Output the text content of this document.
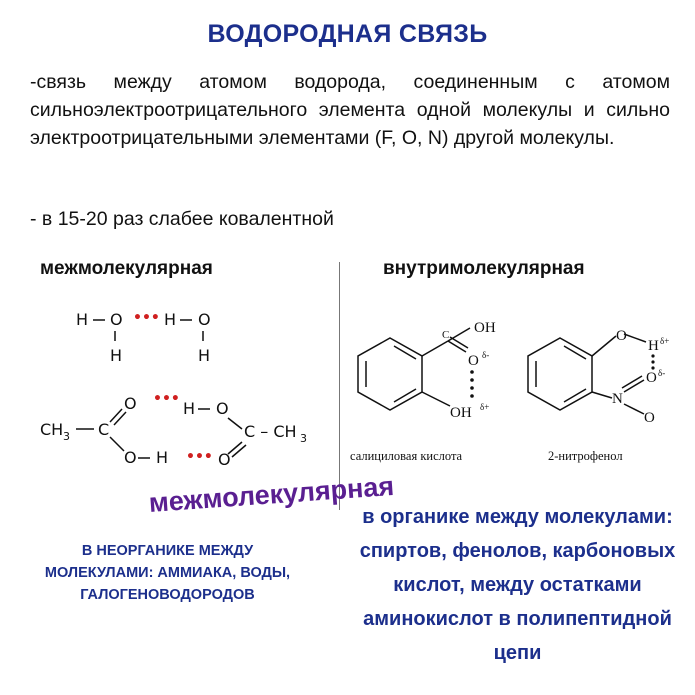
ВОДОРОДНАЯ СВЯЗЬ
-связь между атомом водорода, соединенным с атомом сильноэлектроотрицательного элемента одной молекулы и сильно электроотрицательными элементами (F, O, N) другой молекулы.
- в 15-20 раз слабее ковалентной
межмолекулярная	внутримолекулярная
H O
H
••• H O
H
CH 3 C
O
O H
•••
•••
H O
C – CH 3
O
C OH
O δ-
OH δ+
салициловая кислота
O
H δ+
O δ-
N
O
2-нитрофенол
межмолекулярная
В НЕОРГАНИКЕ МЕЖДУ МОЛЕКУЛАМИ: АММИАКА, ВОДЫ, ГАЛОГЕНОВОДОРОДОВ
в органике между молекулами: спиртов, фенолов, карбоновых кислот, между остатками аминокислот в полипептидной цепи
